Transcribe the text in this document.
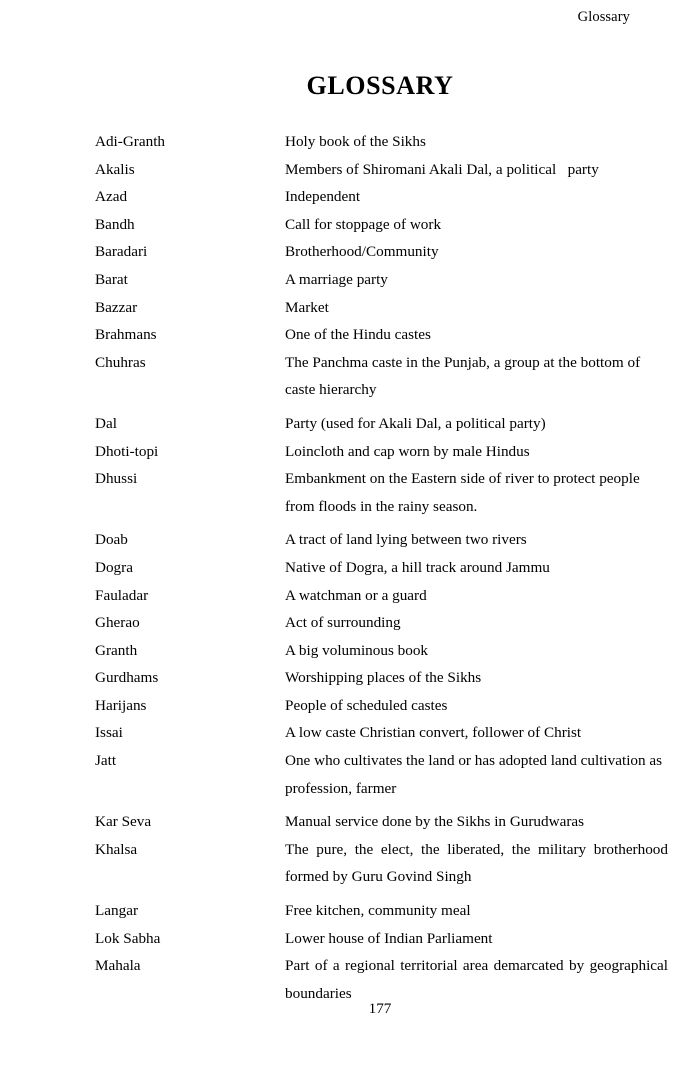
Glossary
GLOSSARY
Adi-Granth	Holy book of the Sikhs
Akalis	Members of Shiromani Akali Dal, a political   party
Azad	Independent
Bandh	Call for stoppage of work
Baradari	Brotherhood/Community
Barat	A marriage party
Bazzar	Market
Brahmans	One of the Hindu castes
Chuhras	The Panchma caste in the Punjab, a group at the bottom of caste hierarchy
Dal	Party (used for Akali Dal, a political party)
Dhoti-topi	Loincloth and cap worn by male Hindus
Dhussi	Embankment on the Eastern side of river to protect people from floods in the rainy season.
Doab	A tract of land lying between two rivers
Dogra	Native of Dogra, a hill track around Jammu
Fauladar	A watchman or a guard
Gherao	Act of surrounding
Granth	A big voluminous book
Gurdhams	Worshipping places of the Sikhs
Harijans	People of scheduled castes
Issai	A low caste Christian convert, follower of Christ
Jatt	One who cultivates the land or has adopted land cultivation as profession, farmer
Kar Seva	Manual service done by the Sikhs in Gurudwaras
Khalsa	The pure, the elect, the liberated, the military brotherhood formed by Guru Govind Singh
Langar	Free kitchen, community meal
Lok Sabha	Lower house of Indian Parliament
Mahala	Part of a regional territorial area demarcated by geographical boundaries
177
